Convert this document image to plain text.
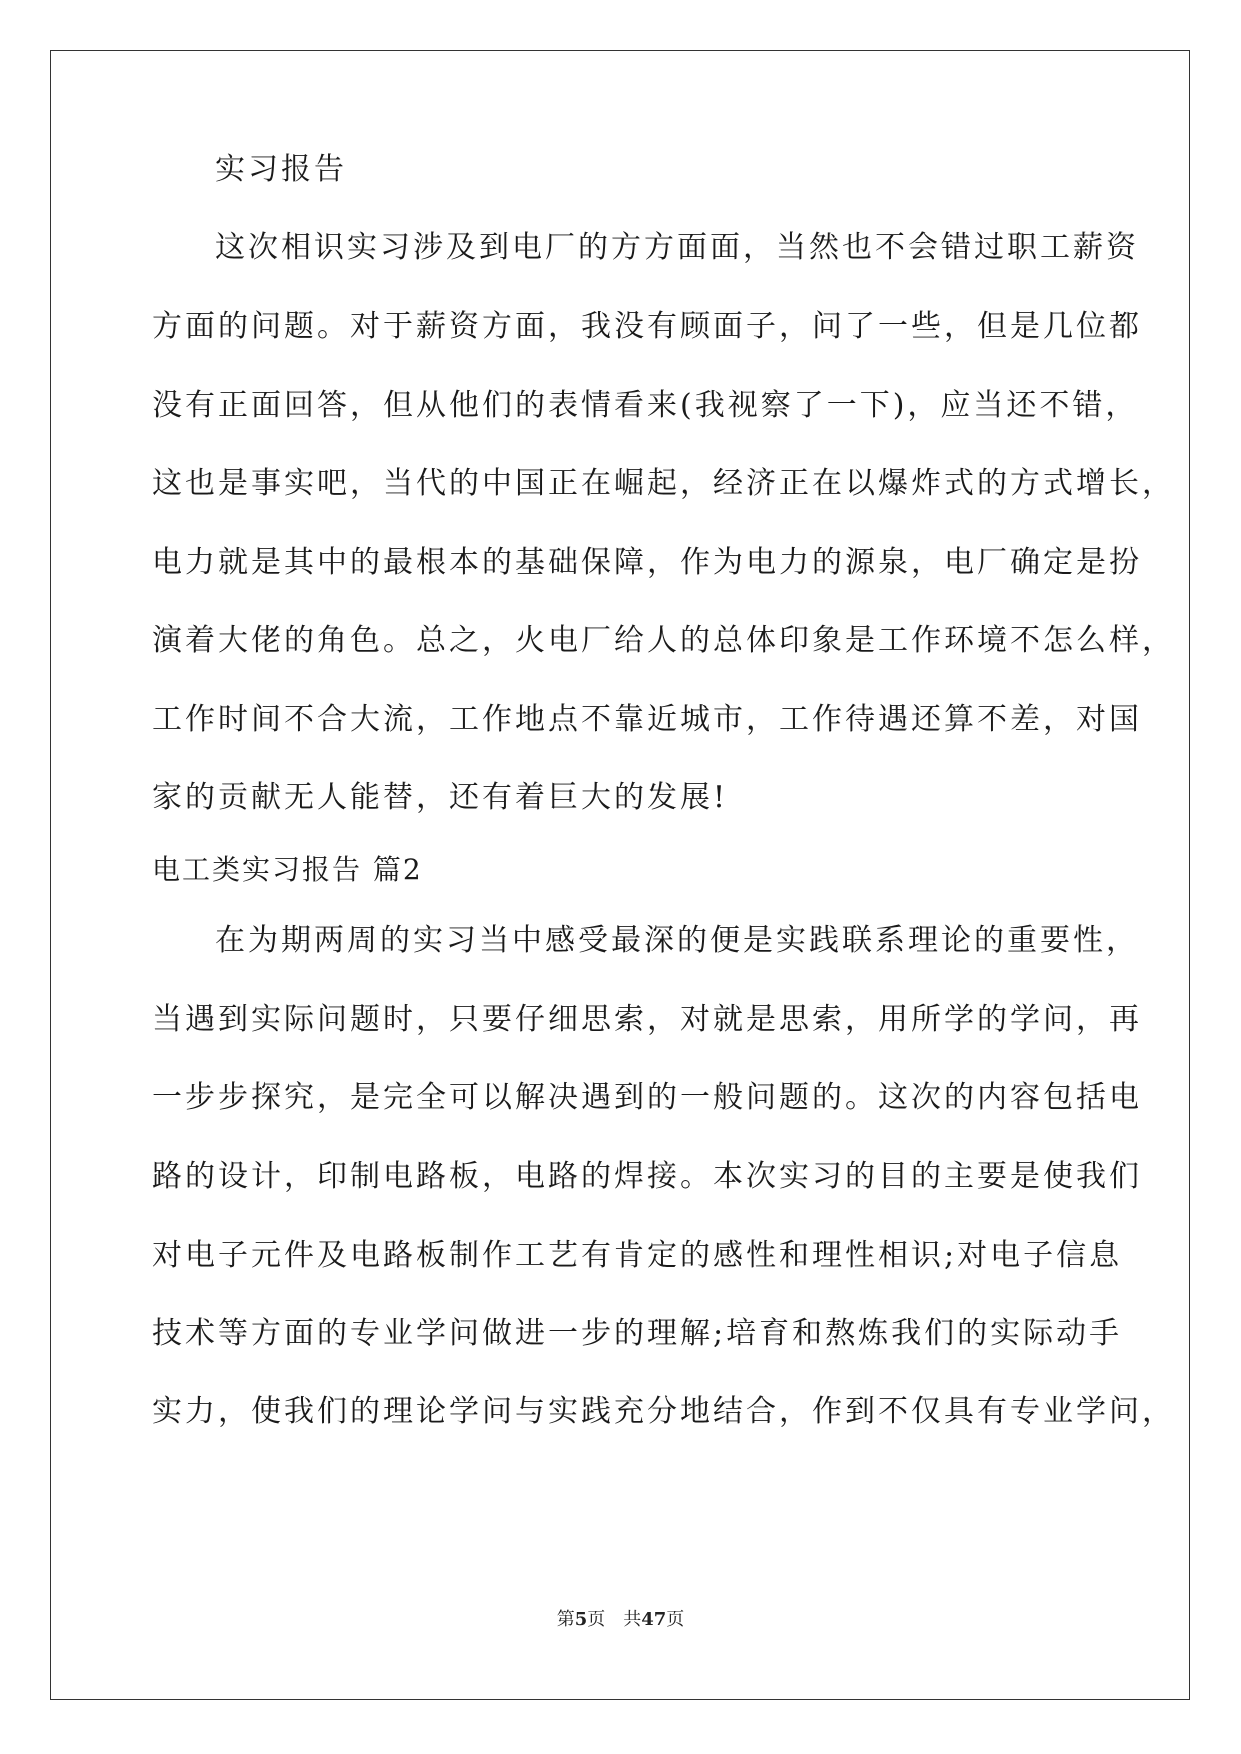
实习报告
这次相识实习涉及到电厂的方方面面，当然也不会错过职工薪资
方面的问题。对于薪资方面，我没有顾面子，问了一些，但是几位都
没有正面回答，但从他们的表情看来(我视察了一下)，应当还不错，
这也是事实吧，当代的中国正在崛起，经济正在以爆炸式的方式增长，
电力就是其中的最根本的基础保障，作为电力的源泉，电厂确定是扮
演着大佬的角色。总之，火电厂给人的总体印象是工作环境不怎么样，
工作时间不合大流，工作地点不靠近城市，工作待遇还算不差，对国
家的贡献无人能替，还有着巨大的发展!
电工类实习报告 篇2
在为期两周的实习当中感受最深的便是实践联系理论的重要性，
当遇到实际问题时，只要仔细思索，对就是思索，用所学的学问，再
一步步探究，是完全可以解决遇到的一般问题的。这次的内容包括电
路的设计，印制电路板，电路的焊接。本次实习的目的主要是使我们
对电子元件及电路板制作工艺有肯定的感性和理性相识;对电子信息
技术等方面的专业学问做进一步的理解;培育和熬炼我们的实际动手
实力，使我们的理论学问与实践充分地结合，作到不仅具有专业学问，
第5页 共47页
